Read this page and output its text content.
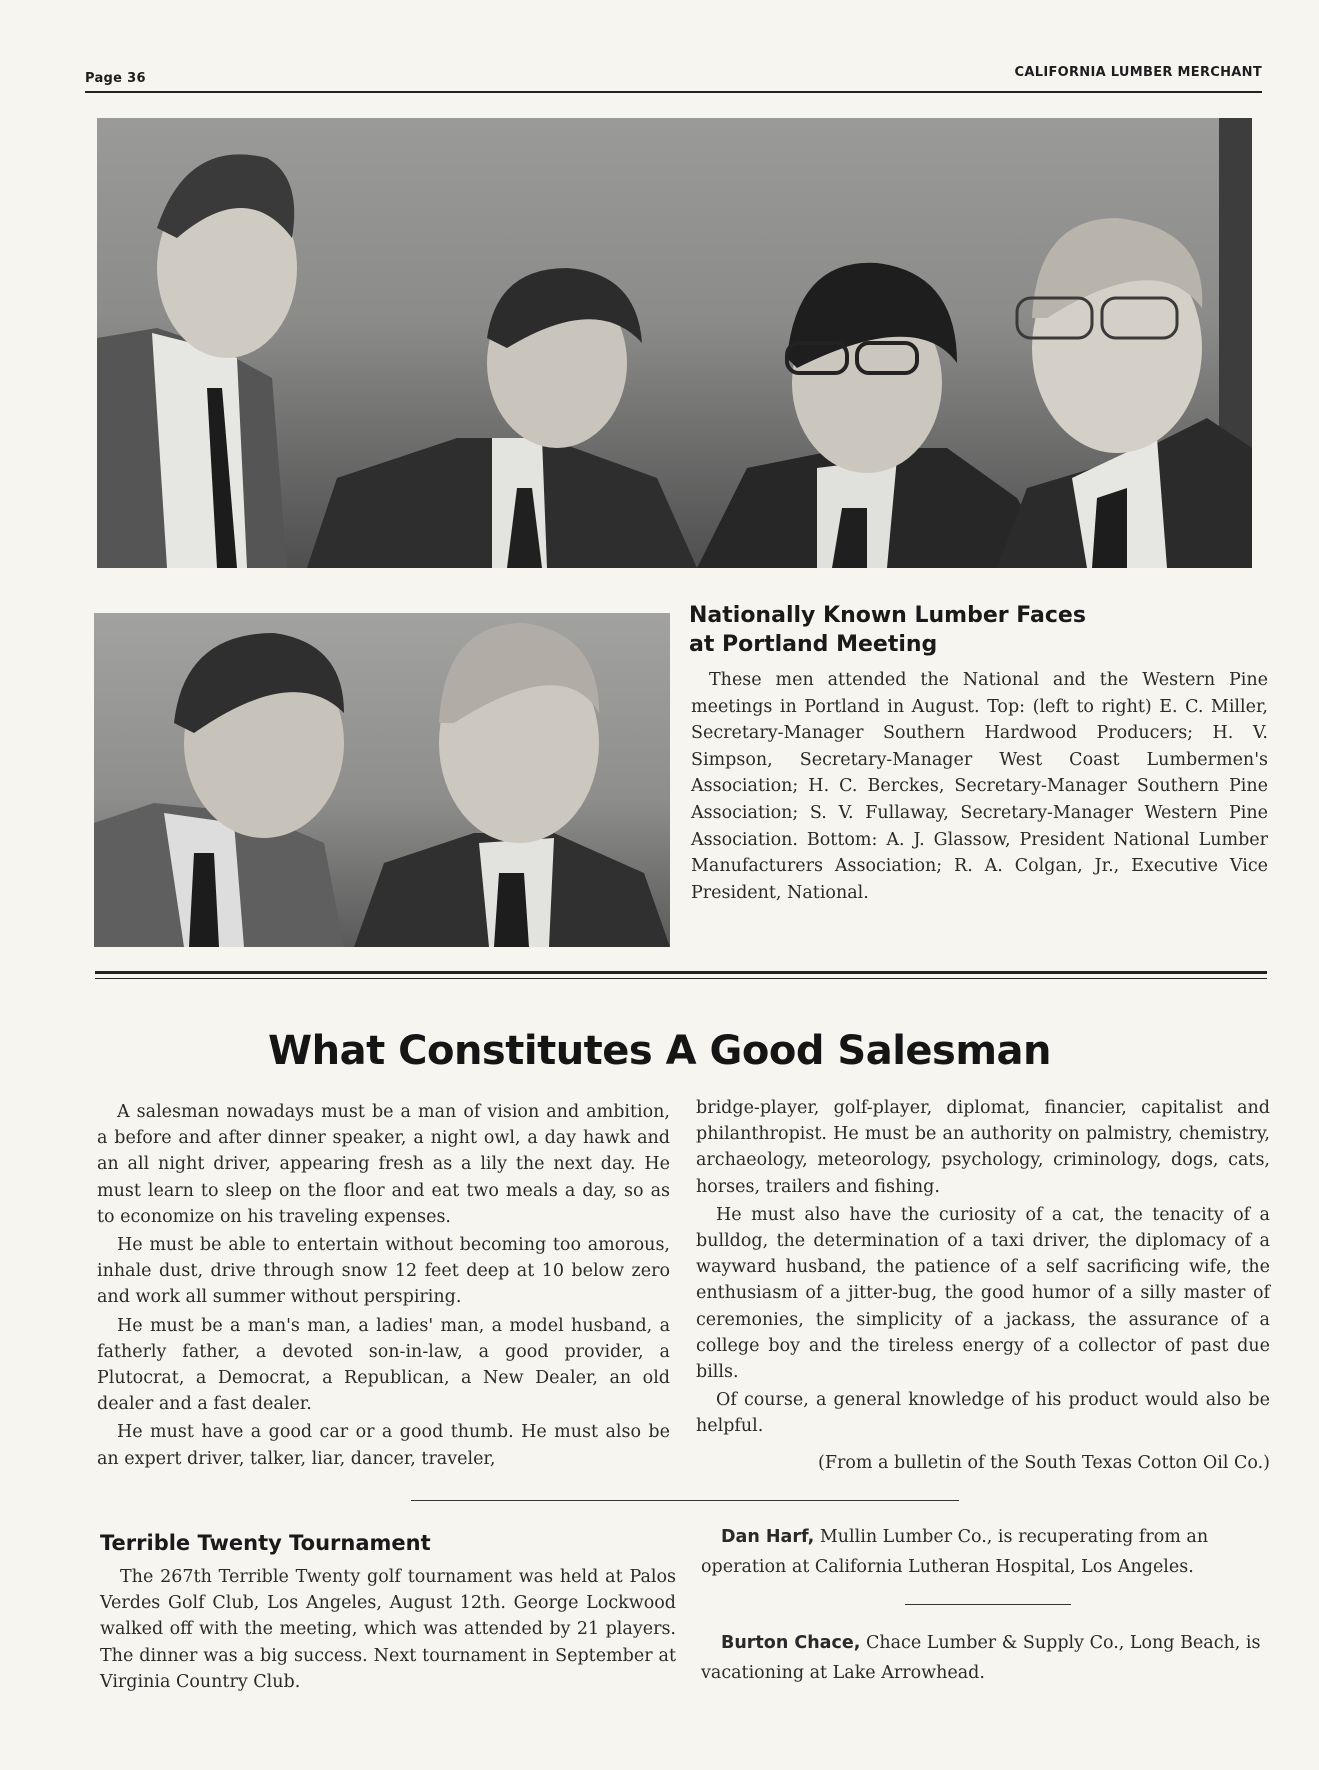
Page 36	CALIFORNIA LUMBER MERCHANT
Nationally Known Lumber Faces
at Portland Meeting
These men attended the National and the Western Pine meetings in Portland in August. Top: (left to right) E. C. Miller, Secretary-Manager Southern Hardwood Producers; H. V. Simpson, Secretary-Manager West Coast Lumbermen's Association; H. C. Berckes, Secretary-Manager Southern Pine Association; S. V. Fullaway, Secretary-Manager Western Pine Association. Bottom: A. J. Glassow, President National Lumber Manufacturers Association; R. A. Colgan, Jr., Executive Vice President, National.
What Constitutes A Good Salesman

A salesman nowadays must be a man of vision and ambition, a before and after dinner speaker, a night owl, a day hawk and an all night driver, appearing fresh as a lily the next day. He must learn to sleep on the floor and eat two meals a day, so as to economize on his traveling expenses.

He must be able to entertain without becoming too amorous, inhale dust, drive through snow 12 feet deep at 10 below zero and work all summer without perspiring.

He must be a man's man, a ladies' man, a model husband, a fatherly father, a devoted son-in-law, a good provider, a Plutocrat, a Democrat, a Republican, a New Dealer, an old dealer and a fast dealer.

He must have a good car or a good thumb. He must also be an expert driver, talker, liar, dancer, traveler,

bridge-player, golf-player, diplomat, financier, capitalist and philanthropist. He must be an authority on palmistry, chemistry, archaeology, meteorology, psychology, criminology, dogs, cats, horses, trailers and fishing.

He must also have the curiosity of a cat, the tenacity of a bulldog, the determination of a taxi driver, the diplomacy of a wayward husband, the patience of a self sacrificing wife, the enthusiasm of a jitter-bug, the good humor of a silly master of ceremonies, the simplicity of a jackass, the assurance of a college boy and the tireless energy of a collector of past due bills.

Of course, a general knowledge of his product would also be helpful.

(From a bulletin of the South Texas Cotton Oil Co.)

Terrible Twenty Tournament
The 267th Terrible Twenty golf tournament was held at Palos Verdes Golf Club, Los Angeles, August 12th. George Lockwood walked off with the meeting, which was attended by 21 players. The dinner was a big success. Next tournament in September at Virginia Country Club.
Dan Harf, Mullin Lumber Co., is recuperating from an operation at California Lutheran Hospital, Los Angeles.
Burton Chace, Chace Lumber & Supply Co., Long Beach, is vacationing at Lake Arrowhead.
